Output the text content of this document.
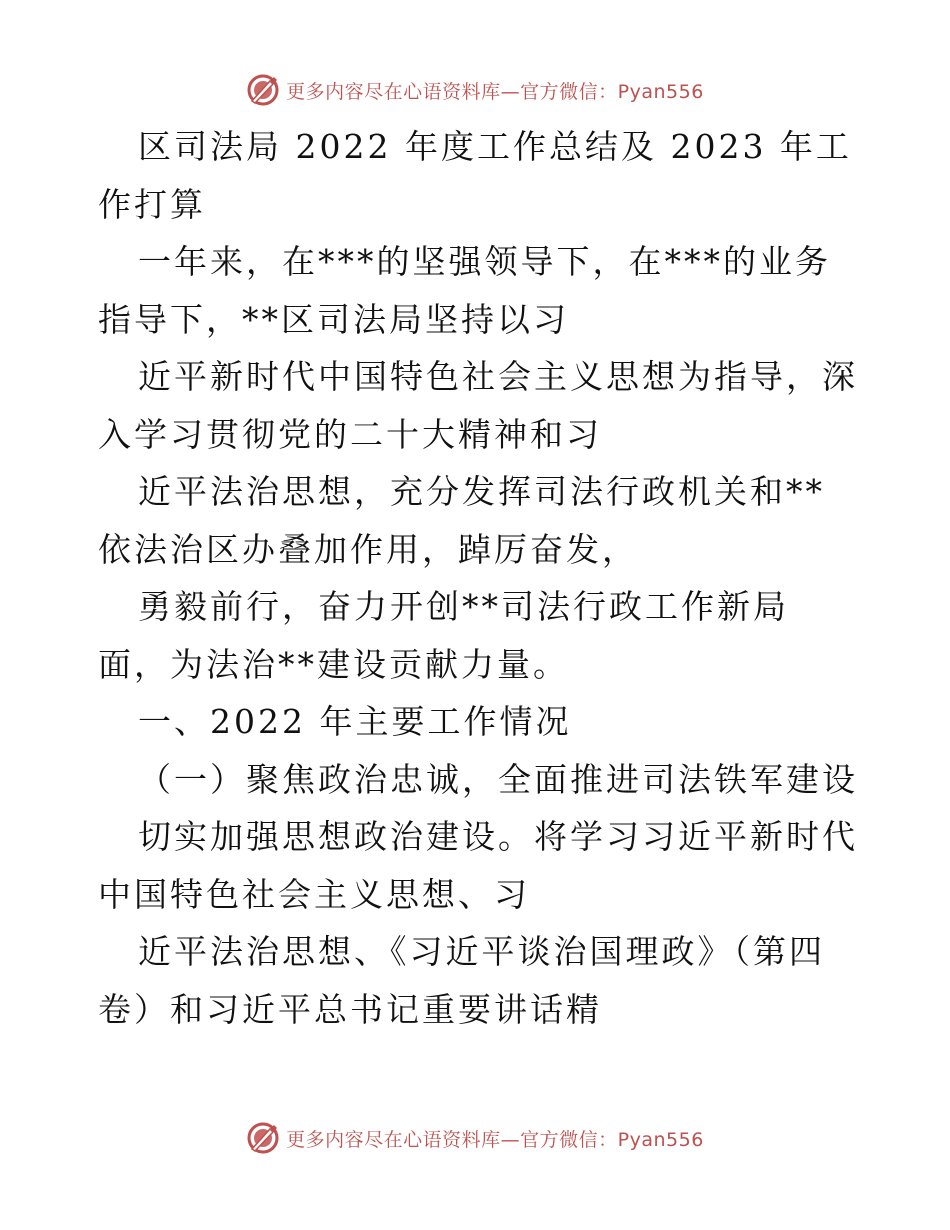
更多内容尽在心语资料库—官方微信：Pyan556

区司法局 2022 年度工作总结及 2023 年工作打算

一年来，在***的坚强领导下，在***的业务指导下，**区司法局坚持以习

近平新时代中国特色社会主义思想为指导，深入学习贯彻党的二十大精神和习

近平法治思想，充分发挥司法行政机关和**依法治区办叠加作用，踔厉奋发，

勇毅前行，奋力开创**司法行政工作新局面，为法治**建设贡献力量。

一、2022 年主要工作情况

（一）聚焦政治忠诚，全面推进司法铁军建设

切实加强思想政治建设。将学习习近平新时代中国特色社会主义思想、习

近平法治思想、《习近平谈治国理政》（第四卷）和习近平总书记重要讲话精

更多内容尽在心语资料库—官方微信：Pyan556
